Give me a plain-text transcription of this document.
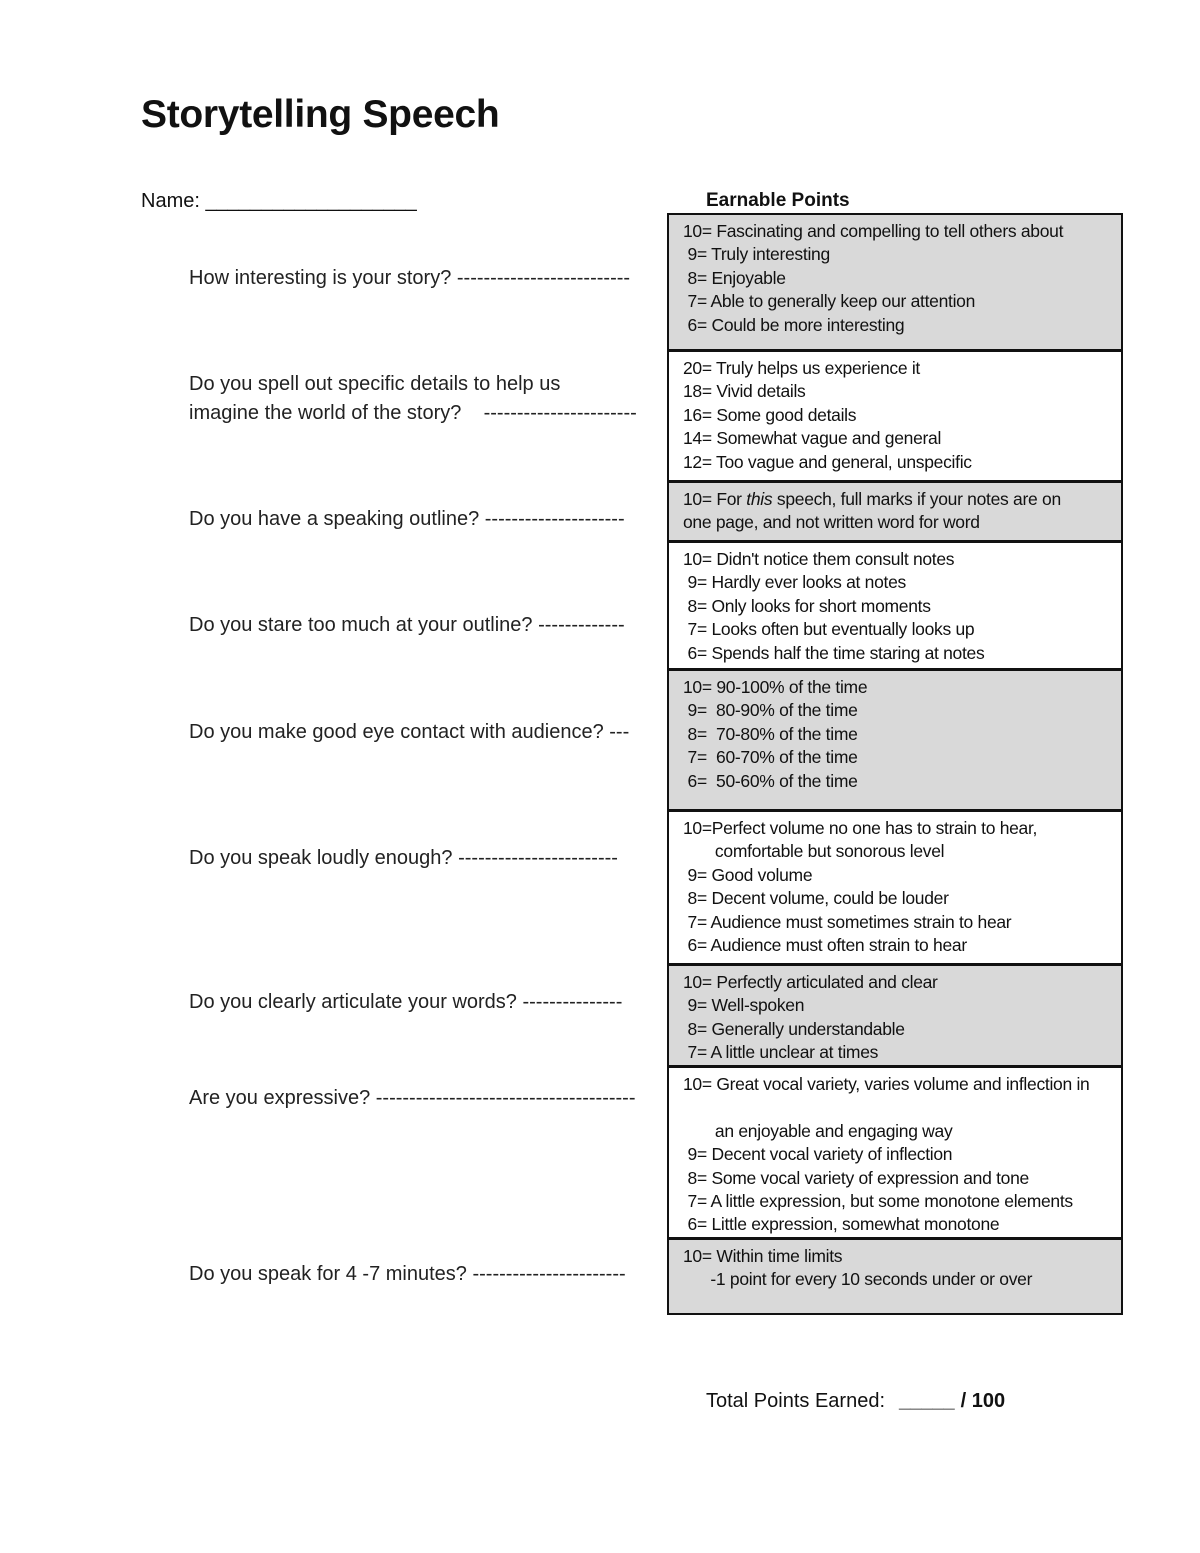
Storytelling Speech
Name: ___________________	Earnable Points
How interesting is your story? --------------------------
10= Fascinating and compelling to tell others about
9= Truly interesting
8= Enjoyable
7= Able to generally keep our attention
6= Could be more interesting
Do you spell out specific details to help us
imagine the world of the story?    -----------------------
20= Truly helps us experience it
18= Vivid details
16= Some good details
14= Somewhat vague and general
12= Too vague and general, unspecific
Do you have a speaking outline? ---------------------
10= For this speech, full marks if your notes are on
one page, and not written word for word
Do you stare too much at your outline? -------------
10= Didn't notice them consult notes
9= Hardly ever looks at notes
8= Only looks for short moments
7= Looks often but eventually looks up
6= Spends half the time staring at notes
Do you make good eye contact with audience? ---
10= 90-100% of the time
9=  80-90% of the time
8=  70-80% of the time
7=  60-70% of the time
6=  50-60% of the time
Do you speak loudly enough? ------------------------
10=Perfect volume no one has to strain to hear,
comfortable but sonorous level
9= Good volume
8= Decent volume, could be louder
7= Audience must sometimes strain to hear
6= Audience must often strain to hear
Do you clearly articulate your words? ---------------
10= Perfectly articulated and clear
9= Well-spoken
8= Generally understandable
7= A little unclear at times
Are you expressive? ---------------------------------------
10= Great vocal variety, varies volume and inflection in
an enjoyable and engaging way
9= Decent vocal variety of inflection
8= Some vocal variety of expression and tone
7= A little expression, but some monotone elements
6= Little expression, somewhat monotone
Do you speak for 4 -7 minutes? -----------------------
10= Within time limits
-1 point for every 10 seconds under or over
Total Points Earned: _____ / 100
